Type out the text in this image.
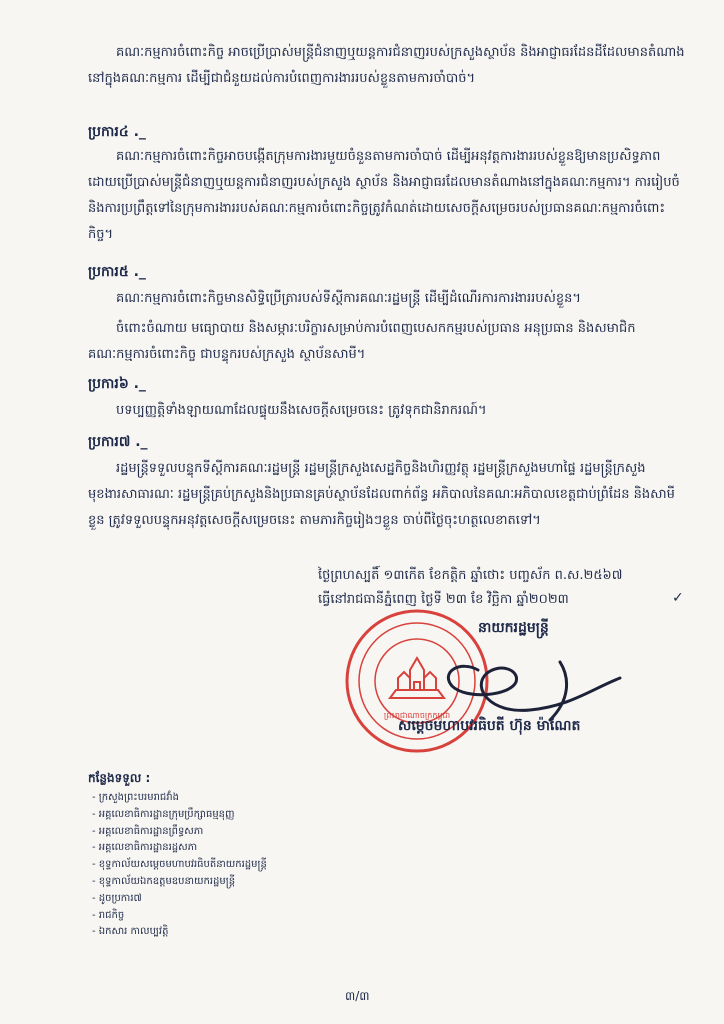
គណៈកម្មការចំពោះកិច្ច អាចប្រើប្រាស់មន្ត្រីជំនាញឬយន្តការជំនាញរបស់ក្រសួងស្ថាប័ន និងអាជ្ញាធរដែនដីដែលមានតំណាងនៅក្នុងគណៈកម្មការ ដើម្បីជាជំនួយដល់ការបំពេញការងាររបស់ខ្លួនតាមការចាំបាច់។
ប្រការ៤ ._
គណៈកម្មការចំពោះកិច្ចអាចបង្កើតក្រុមការងារមួយចំនួនតាមការចាំបាច់ ដើម្បីអនុវត្តការងាររបស់ខ្លួនឱ្យមានប្រសិទ្ធភាព ដោយប្រើប្រាស់មន្ត្រីជំនាញឬយន្តការជំនាញរបស់ក្រសួង ស្ថាប័ន និងអាជ្ញាធរដែលមានតំណាងនៅក្នុងគណៈកម្មការ។ ការរៀបចំនិងការប្រព្រឹត្តទៅនៃក្រុមការងាររបស់គណៈកម្មការចំពោះកិច្ចត្រូវកំណត់ដោយសេចក្តីសម្រេចរបស់ប្រធានគណៈកម្មការចំពោះកិច្ច។
ប្រការ៥ ._
គណៈកម្មការចំពោះកិច្ចមានសិទ្ធិប្រើត្រារបស់ទីស្តីការគណៈរដ្ឋមន្ត្រី ដើម្បីដំណើរការការងាររបស់ខ្លួន។
ចំពោះចំណាយ មធ្យោបាយ និងសម្ភារៈបរិក្ខារសម្រាប់ការបំពេញបេសកកម្មរបស់ប្រធាន អនុប្រធាន និងសមាជិកគណៈកម្មការចំពោះកិច្ច ជាបន្ទុករបស់ក្រសួង ស្ថាប័នសាមី។
ប្រការ៦ ._
បទប្បញ្ញត្តិទាំងឡាយណាដែលផ្ទុយនឹងសេចក្តីសម្រេចនេះ ត្រូវទុកជានិរាករណ៍។
ប្រការ៧ ._
រដ្ឋមន្ត្រីទទួលបន្ទុកទីស្តីការគណៈរដ្ឋមន្ត្រី រដ្ឋមន្ត្រីក្រសួងសេដ្ឋកិច្ចនិងហិរញ្ញវត្ថុ រដ្ឋមន្ត្រីក្រសួងមហាផ្ទៃ រដ្ឋមន្ត្រីក្រសួងមុខងារសាធារណៈ រដ្ឋមន្ត្រីគ្រប់ក្រសួងនិងប្រធានគ្រប់ស្ថាប័នដែលពាក់ព័ន្ធ អភិបាលនៃគណៈអភិបាលខេត្តជាប់ព្រំដែន និងសាមីខ្លួន ត្រូវទទួលបន្ទុកអនុវត្តសេចក្តីសម្រេចនេះ តាមភារកិច្ចរៀងៗខ្លួន ចាប់ពីថ្ងៃចុះហត្ថលេខាតទៅ។
ថ្ងៃព្រហស្បតិ៍ ១៣កើត ខែកត្តិក ឆ្នាំថោះ បញ្ចស័ក ព.ស.២៥៦៧
ធ្វើនៅរាជធានីភ្នំពេញ ថ្ងៃទី ២៣ ខែ វិច្ឆិកា ឆ្នាំ២០២៣	✓
ព្រះរាជាណាចក្រកម្ពុជា
នាយករដ្ឋមន្ត្រី
សម្តេចមហាបវរធិបតី ហ៊ុន ម៉ាណែត
កន្លែងទទួល :
- ក្រសួងព្រះបរមរាជវាំង
- អគ្គលេខាធិការដ្ឋានក្រុមប្រឹក្សាធម្មនុញ្ញ
- អគ្គលេខាធិការដ្ឋានព្រឹទ្ធសភា
- អគ្គលេខាធិការដ្ឋានរដ្ឋសភា
- ខុទ្ទកាល័យសម្តេចមហាបវរធិបតីនាយករដ្ឋមន្ត្រី
- ខុទ្ទកាល័យឯកឧត្តមឧបនាយករដ្ឋមន្ត្រី
- ដូចប្រការ៧
- រាជកិច្ច
- ឯកសារ កាលប្បវត្តិ
៣/៣
